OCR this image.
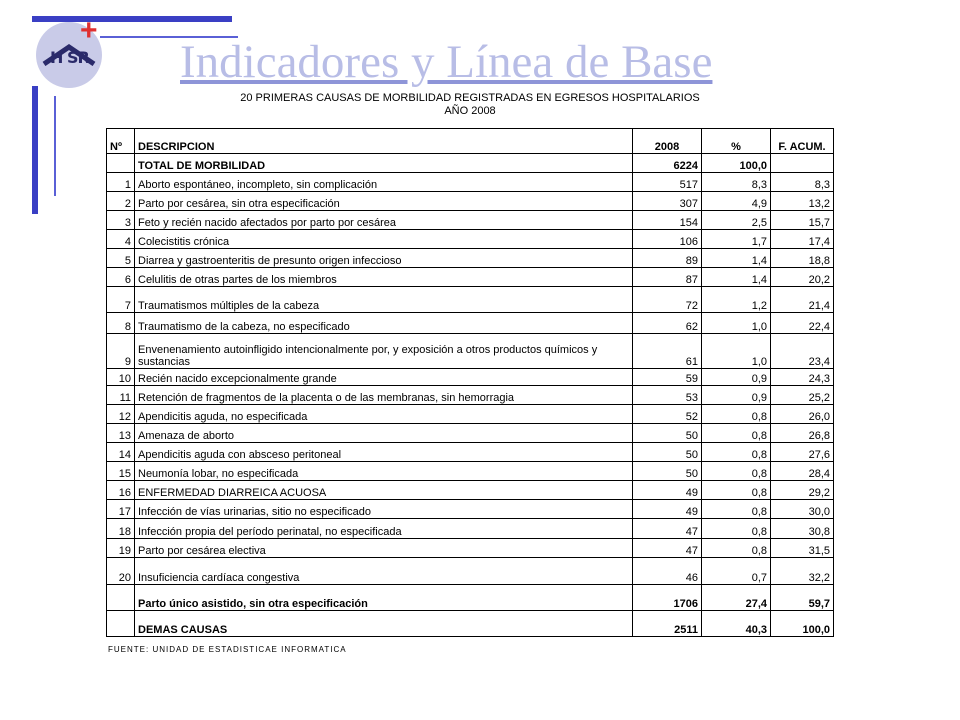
+
H SR Indicadores y Línea de Base
20 PRIMERAS CAUSAS DE MORBILIDAD REGISTRADAS EN EGRESOS HOSPITALARIOS
AÑO 2008
Nº	DESCRIPCION	2008	%	F. ACUM.
	TOTAL DE MORBILIDAD	6224	100,0	
1	Aborto espontáneo, incompleto, sin complicación	517	8,3	8,3
2	Parto por cesárea, sin otra especificación	307	4,9	13,2
3	Feto y recién nacido afectados por parto por cesárea	154	2,5	15,7
4	Colecistitis crónica	106	1,7	17,4
5	Diarrea y gastroenteritis de presunto origen infeccioso	89	1,4	18,8
6	Celulitis de otras partes de los miembros	87	1,4	20,2
7	Traumatismos múltiples de la cabeza	72	1,2	21,4
8	Traumatismo de la cabeza, no especificado	62	1,0	22,4
9	Envenenamiento autoinfligido intencionalmente por, y exposición a otros productos químicos y sustancias	61	1,0	23,4
10	Recién nacido excepcionalmente grande	59	0,9	24,3
11	Retención de fragmentos de la placenta o de las membranas, sin hemorragia	53	0,9	25,2
12	Apendicitis aguda, no especificada	52	0,8	26,0
13	Amenaza de aborto	50	0,8	26,8
14	Apendicitis aguda con absceso peritoneal	50	0,8	27,6
15	Neumonía lobar, no especificada	50	0,8	28,4
16	ENFERMEDAD DIARREICA ACUOSA	49	0,8	29,2
17	Infección de vías urinarias, sitio no especificado	49	0,8	30,0
18	Infección propia del período perinatal, no especificada	47	0,8	30,8
19	Parto por cesárea electiva	47	0,8	31,5
20	Insuficiencia cardíaca congestiva	46	0,7	32,2
	Parto único asistido, sin otra especificación	1706	27,4	59,7
	DEMAS CAUSAS	2511	40,3	100,0
FUENTE: UNIDAD DE ESTADISTICAE INFORMATICA
